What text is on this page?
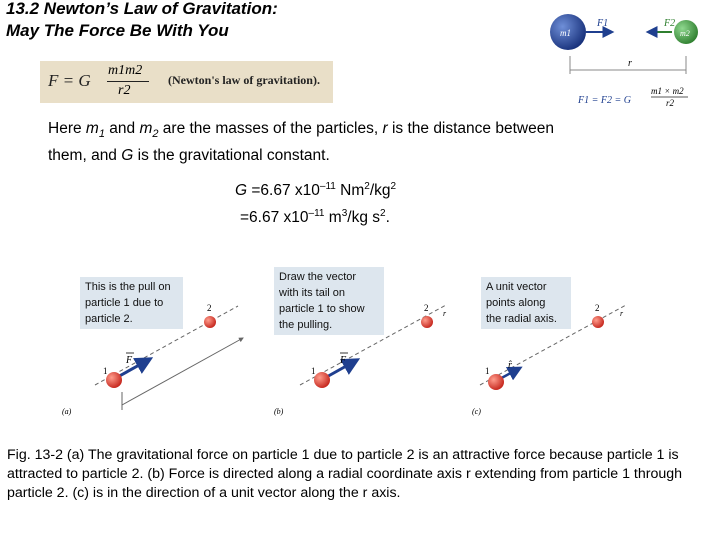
13.2 Newton’s Law of Gravitation:
May The Force Be With You
F = G
m1m2
r2
(Newton's law of gravitation).
Here $m_1$ and $m_2$ are the masses of the particles, r is the distance between them, and G is the gravitational constant.
G =6.67 $x10^{-11}$ $Nm^2/kg^2$
=6.67 $x10^{-11}$ $m^3/kg$ $s^2$.
m1
F1
m2
F2
r
F1 = F2 = G
m1 × m2
r2
1
2
F
(a)
1
2
r
F
(b)
1
2
r
r̂
(c)
This is the pull on
particle 1 due to
particle 2.
Draw the vector
with its tail on
particle 1 to show
the pulling.
A unit vector
points along
the radial axis.
Fig. 13-2 (a) The gravitational force on particle 1 due to particle 2 is an attractive force because particle 1 is attracted to particle 2. (b) Force is directed along a radial coordinate axis r extending from particle 1 through particle 2. (c) is in the direction of a unit vector along the r axis.
